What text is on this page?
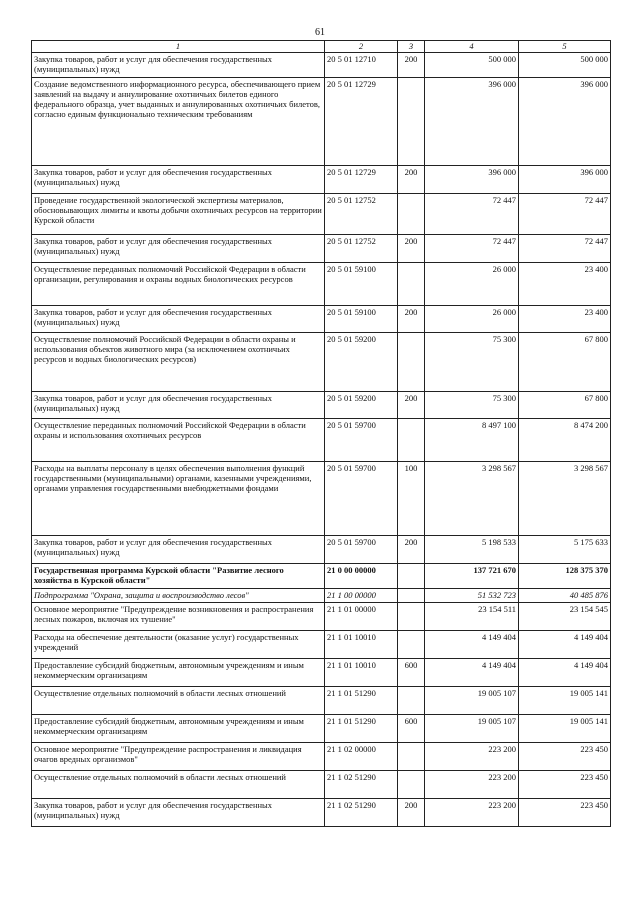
61
1	2	3	4	5
Закупка товаров, работ и услуг для обеспечения государственных (муниципальных) нужд	20 5 01 12710	200	500 000	500 000
Создание ведомственного информационного ресурса, обеспечивающего прием заявлений на выдачу и аннулирование охотничьих билетов единого федерального образца, учет выданных и аннулированных охотничьих билетов, согласно единым функционально техническим требованиям	20 5 01 12729		396 000	396 000
Закупка товаров, работ и услуг для обеспечения государственных (муниципальных) нужд	20 5 01 12729	200	396 000	396 000
Проведение государственной экологической экспертизы материалов, обосновывающих лимиты и квоты добычи охотничьих ресурсов на территории Курской области	20 5 01 12752		72 447	72 447
Закупка товаров, работ и услуг для обеспечения государственных (муниципальных) нужд	20 5 01 12752	200	72 447	72 447
Осуществление переданных полномочий Российской Федерации в области организации, регулирования и охраны водных биологических ресурсов	20 5 01 59100		26 000	23 400
Закупка товаров, работ и услуг для обеспечения государственных (муниципальных) нужд	20 5 01 59100	200	26 000	23 400
Осуществление полномочий Российской Федерации в области охраны и использования объектов животного мира (за исключением охотничьих ресурсов и водных биологических ресурсов)	20 5 01 59200		75 300	67 800
Закупка товаров, работ и услуг для обеспечения государственных (муниципальных) нужд	20 5 01 59200	200	75 300	67 800
Осуществление переданных полномочий Российской Федерации в области охраны и использования охотничьих ресурсов	20 5 01 59700		8 497 100	8 474 200
Расходы на выплаты персоналу в целях обеспечения выполнения функций государственными (муниципальными) органами, казенными учреждениями, органами управления государственными внебюджетными фондами	20 5 01 59700	100	3 298 567	3 298 567
Закупка товаров, работ и услуг для обеспечения государственных (муниципальных) нужд	20 5 01 59700	200	5 198 533	5 175 633
Государственная программа Курской области "Развитие лесного хозяйства в Курской области"	21 0 00 00000		137 721 670	128 375 370
Подпрограмма "Охрана, защита и воспроизводство лесов"	21 1 00 00000		51 532 723	40 485 876
Основное мероприятие "Предупреждение возникновения и распространения лесных пожаров, включая их тушение"	21 1 01 00000		23 154 511	23 154 545
Расходы на обеспечение деятельности (оказание услуг) государственных учреждений	21 1 01 10010		4 149 404	4 149 404
Предоставление субсидий бюджетным, автономным учреждениям и иным некоммерческим организациям	21 1 01 10010	600	4 149 404	4 149 404
Осуществление отдельных полномочий в области лесных отношений	21 1 01 51290		19 005 107	19 005 141
Предоставление субсидий бюджетным, автономным учреждениям и иным некоммерческим организациям	21 1 01 51290	600	19 005 107	19 005 141
Основное мероприятие "Предупреждение распространения и ликвидация очагов вредных организмов"	21 1 02 00000		223 200	223 450
Осуществление отдельных полномочий в области лесных отношений	21 1 02 51290		223 200	223 450
Закупка товаров, работ и услуг для обеспечения государственных (муниципальных) нужд	21 1 02 51290	200	223 200	223 450
